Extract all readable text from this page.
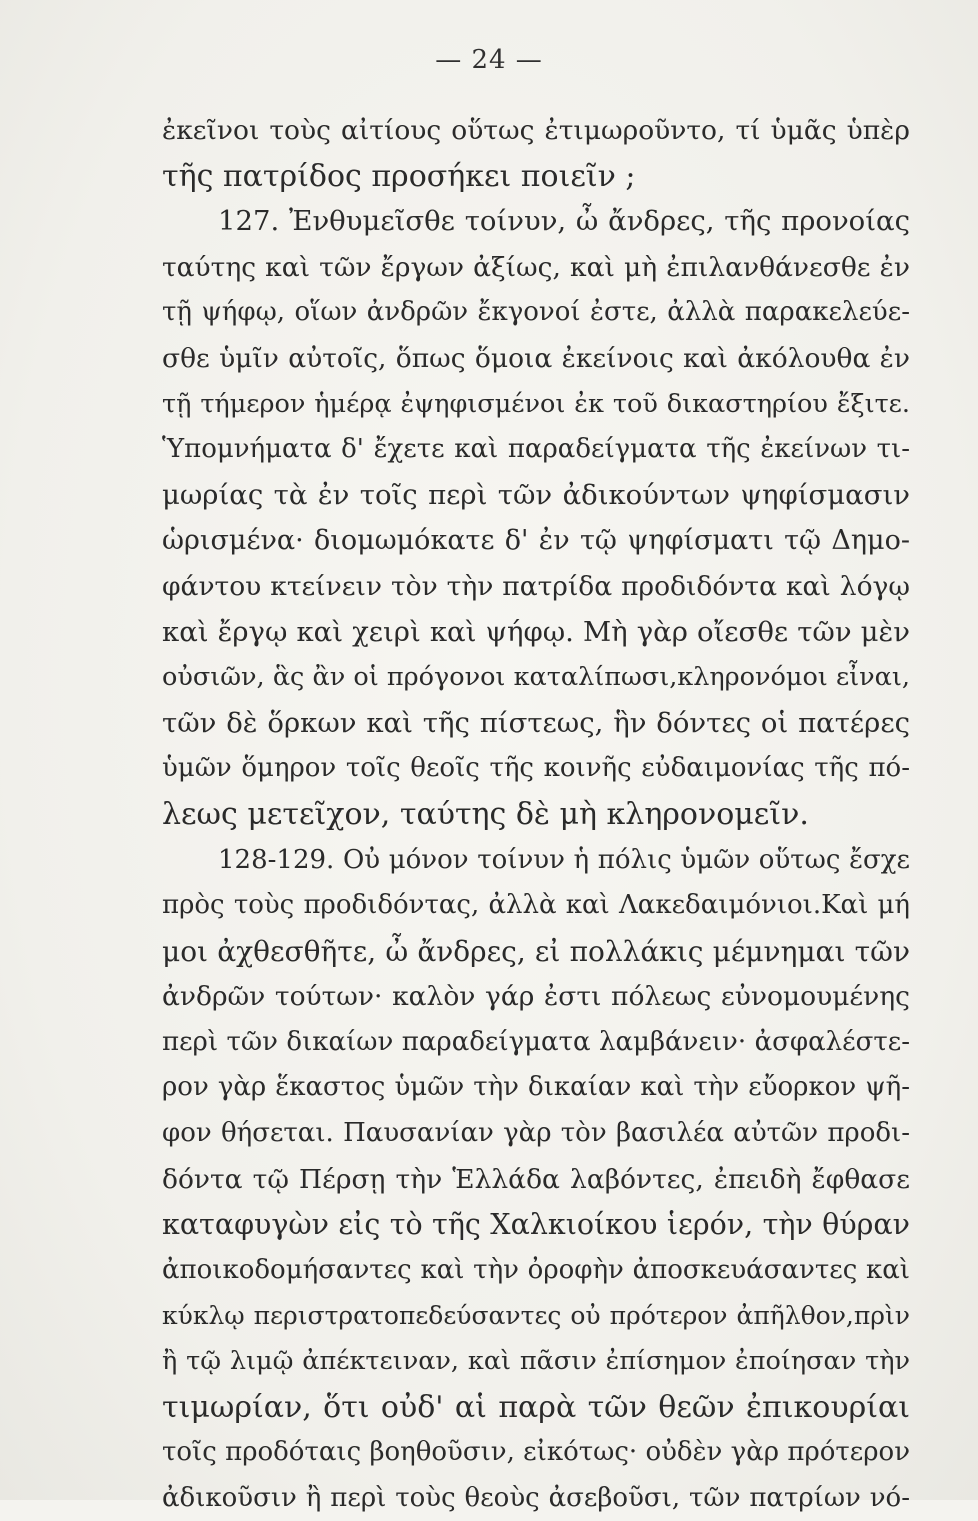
— 24 —
ἐκεῖνοι τοὺς αἰτίους οὕτως ἐτιμωροῦντο, τί ὑμᾶς ὑπὲρ
τῆς πατρίδος προσήκει ποιεῖν ;
127. Ἐνθυμεῖσθε τοίνυν, ὦ ἄνδρες, τῆς προνοίας
ταύτης καὶ τῶν ἔργων ἀξίως, καὶ μὴ ἐπιλανθάνεσθε ἐν
τῇ ψήφῳ, οἵων ἀνδρῶν ἔκγονοί ἐστε, ἀλλὰ παρακελεύε-
σθε ὑμῖν αὐτοῖς, ὅπως ὅμοια ἐκείνοις καὶ ἀκόλουθα ἐν
τῇ τήμερον ἡμέρᾳ ἐψηφισμένοι ἐκ τοῦ δικαστηρίου ἔξιτε.
Ὑπομνήματα δ' ἔχετε καὶ παραδείγματα τῆς ἐκείνων τι-
μωρίας τὰ ἐν τοῖς περὶ τῶν ἀδικούντων ψηφίσμασιν
ὡρισμένα· διομωμόκατε δ' ἐν τῷ ψηφίσματι τῷ Δημο-
φάντου κτείνειν τὸν τὴν πατρίδα προδιδόντα καὶ λόγῳ
καὶ ἔργῳ καὶ χειρὶ καὶ ψήφῳ. Μὴ γὰρ οἴεσθε τῶν μὲν
οὐσιῶν, ἃς ἂν οἱ πρόγονοι καταλίπωσι,κληρονόμοι εἶναι,
τῶν δὲ ὅρκων καὶ τῆς πίστεως, ἣν δόντες οἱ πατέρες
ὑμῶν ὅμηρον τοῖς θεοῖς τῆς κοινῆς εὐδαιμονίας τῆς πό-
λεως μετεῖχον, ταύτης δὲ μὴ κληρονομεῖν.
128-129. Οὐ μόνον τοίνυν ἡ πόλις ὑμῶν οὕτως ἔσχε
πρὸς τοὺς προδιδόντας, ἀλλὰ καὶ Λακεδαιμόνιοι.Καὶ μή
μοι ἀχθεσθῆτε, ὦ ἄνδρες, εἰ πολλάκις μέμνημαι τῶν
ἀνδρῶν τούτων· καλὸν γάρ ἐστι πόλεως εὐνομουμένης
περὶ τῶν δικαίων παραδείγματα λαμβάνειν· ἀσφαλέστε-
ρον γὰρ ἕκαστος ὑμῶν τὴν δικαίαν καὶ τὴν εὔορκον ψῆ-
φον θήσεται. Παυσανίαν γὰρ τὸν βασιλέα αὐτῶν προδι-
δόντα τῷ Πέρσῃ τὴν Ἑλλάδα λαβόντες, ἐπειδὴ ἔφθασε
καταφυγὼν εἰς τὸ τῆς Χαλκιοίκου ἱερόν, τὴν θύραν
ἀποικοδομήσαντες καὶ τὴν ὀροφὴν ἀποσκευάσαντες καὶ
κύκλῳ περιστρατοπεδεύσαντες οὐ πρότερον ἀπῆλθον,πρὶν
ἢ τῷ λιμῷ ἀπέκτειναν, καὶ πᾶσιν ἐπίσημον ἐποίησαν τὴν
τιμωρίαν, ὅτι οὐδ' αἱ παρὰ τῶν θεῶν ἐπικουρίαι
τοῖς προδόταις βοηθοῦσιν, εἰκότως· οὐδὲν γὰρ πρότερον
ἀδικοῦσιν ἢ περὶ τοὺς θεοὺς ἀσεβοῦσι, τῶν πατρίων νό-
